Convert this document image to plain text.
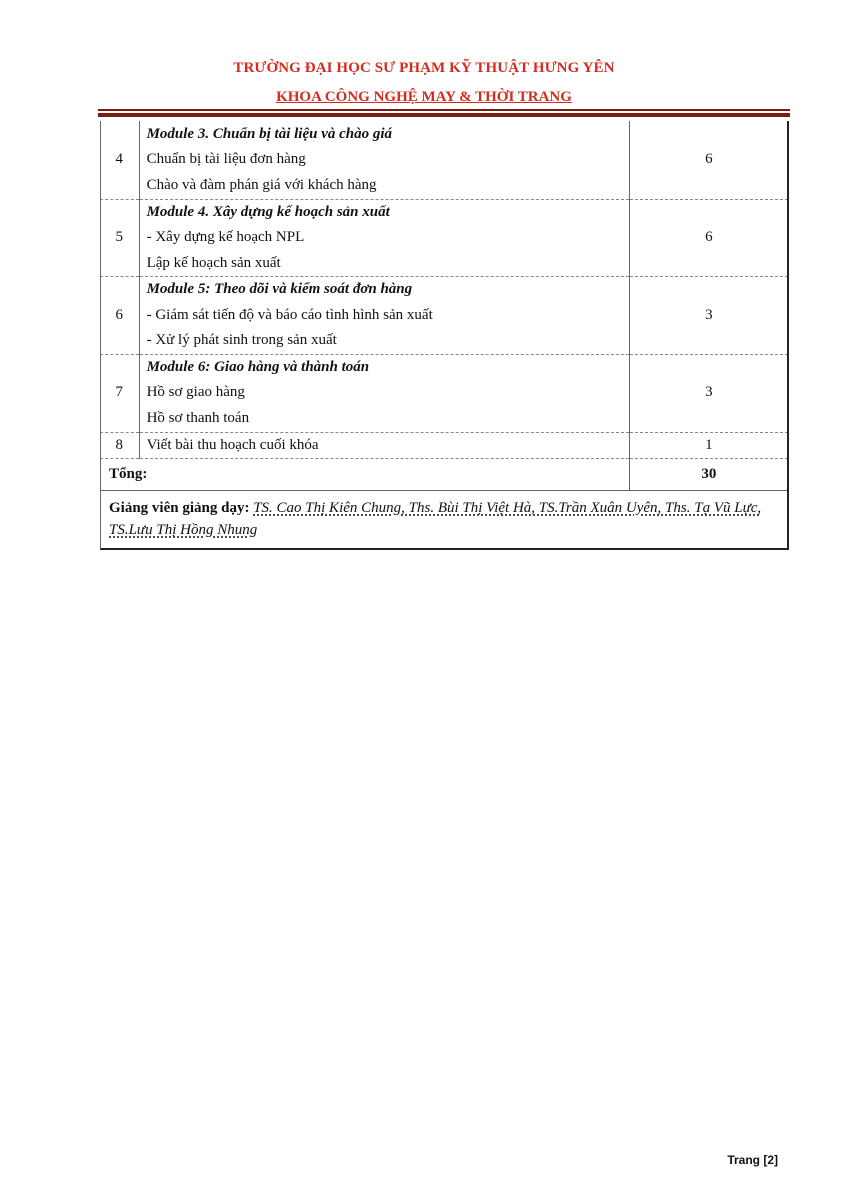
TRƯỜNG ĐẠI HỌC SƯ PHẠM KỸ THUẬT HƯNG YÊN
KHOA CÔNG NGHỆ MAY & THỜI TRANG
4	Module 3. Chuẩn bị tài liệu và chào giá
Chuẩn bị tài liệu đơn hàng
Chào và đàm phán giá với khách hàng	6
5	Module 4. Xây dựng kế hoạch sản xuất
- Xây dựng kế hoạch NPL
Lập kế hoạch sản xuất	6
6	Module 5: Theo dõi và kiểm soát đơn hàng
- Giám sát tiến độ và báo cáo tình hình sản xuất
- Xử lý phát sinh trong sản xuất	3
7	Module 6: Giao hàng và thành toán
Hồ sơ giao hàng
Hồ sơ thanh toán	3
8	Viết bài thu hoạch cuối khóa	1
Tổng:		30
Giảng viên giảng dạy: TS. Cao Thị Kiên Chung, Ths. Bùi Thị Việt Hà, TS.Trần Xuân Uyên, Ths. Tạ Vũ Lực, TS.Lưu Thị Hồng Nhung		
Trang [2]
